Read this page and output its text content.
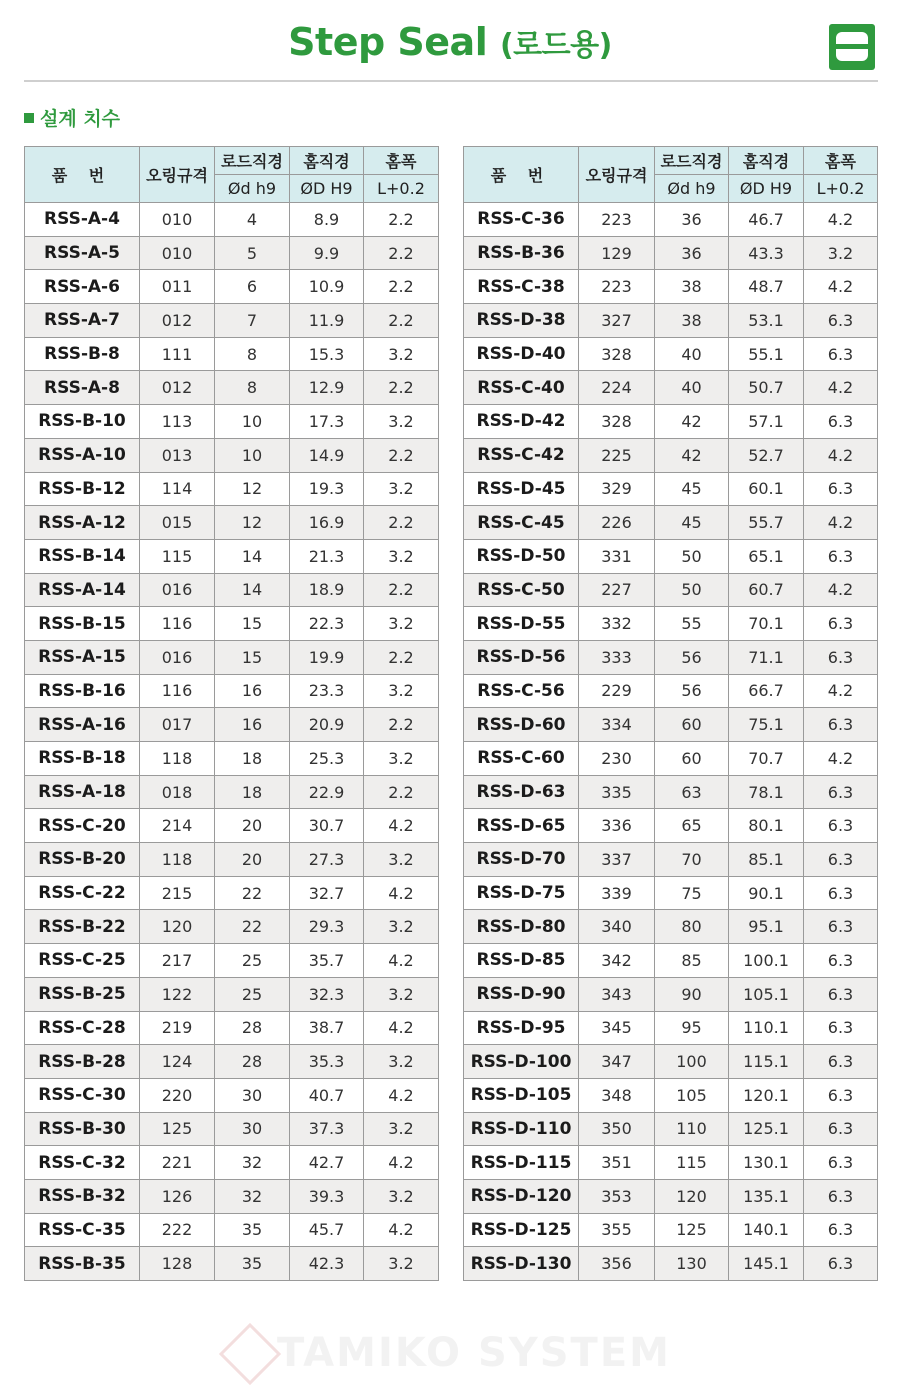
Step Seal (로드용)
설계 치수
품 번	오링규격	로드직경	홈직경	홈폭
		Ød h9	ØD H9	L+0.2
RSS-A-4	010	4	8.9	2.2
RSS-A-5	010	5	9.9	2.2
RSS-A-6	011	6	10.9	2.2
RSS-A-7	012	7	11.9	2.2
RSS-B-8	111	8	15.3	3.2
RSS-A-8	012	8	12.9	2.2
RSS-B-10	113	10	17.3	3.2
RSS-A-10	013	10	14.9	2.2
RSS-B-12	114	12	19.3	3.2
RSS-A-12	015	12	16.9	2.2
RSS-B-14	115	14	21.3	3.2
RSS-A-14	016	14	18.9	2.2
RSS-B-15	116	15	22.3	3.2
RSS-A-15	016	15	19.9	2.2
RSS-B-16	116	16	23.3	3.2
RSS-A-16	017	16	20.9	2.2
RSS-B-18	118	18	25.3	3.2
RSS-A-18	018	18	22.9	2.2
RSS-C-20	214	20	30.7	4.2
RSS-B-20	118	20	27.3	3.2
RSS-C-22	215	22	32.7	4.2
RSS-B-22	120	22	29.3	3.2
RSS-C-25	217	25	35.7	4.2
RSS-B-25	122	25	32.3	3.2
RSS-C-28	219	28	38.7	4.2
RSS-B-28	124	28	35.3	3.2
RSS-C-30	220	30	40.7	4.2
RSS-B-30	125	30	37.3	3.2
RSS-C-32	221	32	42.7	4.2
RSS-B-32	126	32	39.3	3.2
RSS-C-35	222	35	45.7	4.2
RSS-B-35	128	35	42.3	3.2
품 번	오링규격	로드직경	홈직경	홈폭
		Ød h9	ØD H9	L+0.2
RSS-C-36	223	36	46.7	4.2
RSS-B-36	129	36	43.3	3.2
RSS-C-38	223	38	48.7	4.2
RSS-D-38	327	38	53.1	6.3
RSS-D-40	328	40	55.1	6.3
RSS-C-40	224	40	50.7	4.2
RSS-D-42	328	42	57.1	6.3
RSS-C-42	225	42	52.7	4.2
RSS-D-45	329	45	60.1	6.3
RSS-C-45	226	45	55.7	4.2
RSS-D-50	331	50	65.1	6.3
RSS-C-50	227	50	60.7	4.2
RSS-D-55	332	55	70.1	6.3
RSS-D-56	333	56	71.1	6.3
RSS-C-56	229	56	66.7	4.2
RSS-D-60	334	60	75.1	6.3
RSS-C-60	230	60	70.7	4.2
RSS-D-63	335	63	78.1	6.3
RSS-D-65	336	65	80.1	6.3
RSS-D-70	337	70	85.1	6.3
RSS-D-75	339	75	90.1	6.3
RSS-D-80	340	80	95.1	6.3
RSS-D-85	342	85	100.1	6.3
RSS-D-90	343	90	105.1	6.3
RSS-D-95	345	95	110.1	6.3
RSS-D-100	347	100	115.1	6.3
RSS-D-105	348	105	120.1	6.3
RSS-D-110	350	110	125.1	6.3
RSS-D-115	351	115	130.1	6.3
RSS-D-120	353	120	135.1	6.3
RSS-D-125	355	125	140.1	6.3
RSS-D-130	356	130	145.1	6.3
TAMIKO SYSTEM
